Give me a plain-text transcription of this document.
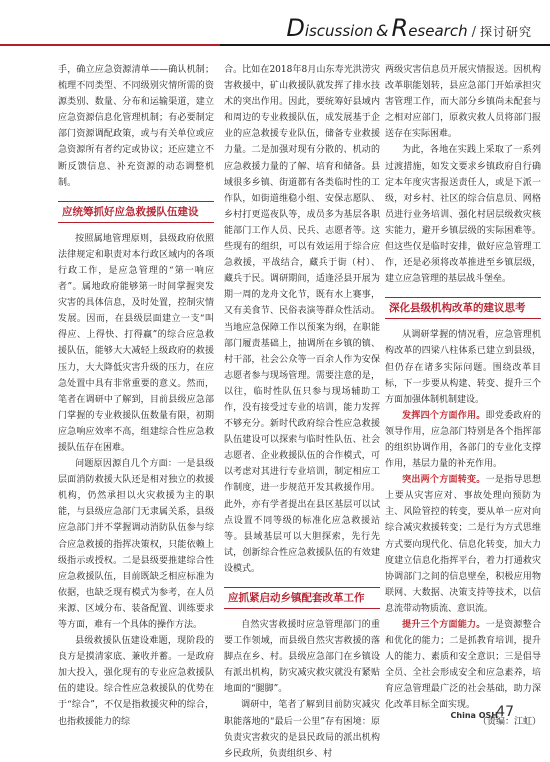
Discussion & Research / 探讨研究

手，确立应急资源清单——确认机制；梳理不同类型、不同级别灾情所需的资源类别、数量、分布和运输渠道，建立应急资源信息化管理机制；有必要制定部门资源调配政策，或与有关单位或应急资源所有者约定或协议；还应建立不断反馈信息、补充资源的动态调整机制。

应统筹抓好应急救援队伍建设

按照属地管理原则，县级政府依照法律规定和职责对本行政区域内的各项行政工作，是应急管理的“第一响应者”。属地政府能够第一时间掌握突发灾害的具体信息，及时处置，控制灾情发展。因而，在县级层面建立一支“叫得应、上得快、打得赢”的综合应急救援队伍，能够大大减轻上级政府的救援压力，大大降低灾害升级的压力，在应急处置中具有非常重要的意义。然而，笔者在调研中了解到，目前县级应急部门掌握的专业救援队伍数量有限，初期应急响应效率不高，组建综合性应急救援队伍存在困难。

问题原因源自几个方面：一是县级层面消防救援大队还是相对独立的救援机构，仍然承担以火灾救援为主的职能，与县级应急部门无隶属关系，县级应急部门并不掌握调动消防队伍参与综合应急救援的指挥决策权，只能依赖上级指示或授权。二是县级要推建综合性应急救援队伍，目前既缺乏相应标准为依据，也缺乏现有模式为参考，在人员来源、区域分布、装备配置、训练要求等方面，难有一个具体的操作方法。

县级救援队伍建设难题，现阶段的良方是摸清家底、兼收并蓄。一是政府加大投入，强化现有的专业应急救援队伍的建设。综合性应急救援队的优势在于“综合”，不仅是指救援灾种的综合，也指救援能力的综

合。比如在2018年8月山东寿光洪涝灾害救援中，矿山救援队就发挥了排水技术的突出作用。因此，要统筹好县域内和周边的专业救援队伍，成发展基于企业的应急救援专业队伍，储备专业救援力量。二是加强对现有分散的、机动的应急救援力量的了解、培育和储备。县域很多乡镇、街道都有各类临时性的工作队，如街道维稳小组、安保志愿队、乡村打更巡夜队等，成员多为基层各职能部门工作人员、民兵、志愿者等。这些现有的组织，可以有效运用于综合应急救援，平战结合，藏兵于街（村）、藏兵于民。调研期间，适逢泾县开展为期一周的龙舟文化节，既有水上赛事，又有美食节、民俗表演等群众性活动。当地应急保障工作以预案为纲，在职能部门履责基础上，抽调所在乡镇的镇、村干部，社会公众等一百余人作为安保志愿者参与现场管理。需要注意的是，以往，临时性队伍只参与现场辅助工作，没有接受过专业的培训，能力发挥不够充分。新时代政府综合性应急救援队伍建设可以探索与临时性队伍、社会志愿者、企业救援队伍的合作模式，可以考虑对其进行专业培训，制定相应工作制度，进一步规范开发其救援作用。此外，亦有学者提出在县区基层可以试点设置不同等级的标准化应急救援站等。县域基层可以大胆探索，先行先试，创新综合性应急救援队伍的有效建设模式。

应抓紧启动乡镇配套改革工作

自然灾害救援时应急管理部门的重要工作领域，而县级自然灾害救援的落脚点在乡、村。县级应急部门在乡镇设有派出机构，防灾减灾救灾就没有紧贴地面的“腿脚”。

调研中，笔者了解到目前防灾减灾职能落地的“最后一公里”存有困境：原负责灾害救灾的是县民政局的派出机构乡民政所，负责组织乡、村

两级灾害信息员开展灾情报送。因机构改革职能划转，县应急部门开始承担灾害管理工作，而大部分乡镇尚未配套与之相对应部门，原救灾救人员将部门报送存在实际困难。

为此，各地在实践上采取了一系列过渡措施，如发文要求乡镇政府自行确定本年度灾害报送责任人，或是下派一级，对乡村、社区的综合信息员、网格员进行业务培训、强化村居层级救灾核实能力，避开乡镇层级的实际困难等。但这些仅是临时安排，做好应急管理工作，还是必须将改革推进至乡镇层级，建立应急管理的基层战斗堡垒。

深化县级机构改革的建议思考

从调研掌握的情况看，应急管理机构改革的四梁八柱体系已建立到县级，但仍存在诸多实际问题。围绕改革目标，下一步要从构建、转变、提升三个方面加强体制机制建设。

发挥四个方面作用。即党委政府的领导作用，应急部门特别是各个指挥部的组织协调作用，各部门的专业化支撑作用，基层力量的补充作用。

突出两个方面转变。一是指导思想上要从灾害应对、事故处理向预防为主、风险管控的转变，要从单一应对向综合减灾救援转变；二是行为方式思维方式要向现代化、信息化转变，加大力度建立信息化指挥平台，着力打通救灾协调部门之间的信息壁垒，积极应用物联网、大数据、决策支持等技术，以信息流带动物质流、意识流。

提升三个方面能力。一是资源整合和优化的能力；二是抓教育培训，提升人的能力、素质和安全意识；三是倡导全员、全社会形成安全和应急素养，培育应急管理最广泛的社会基础，助力深化改革目标全面实现。

（责编：江虹）

China OSH
47
